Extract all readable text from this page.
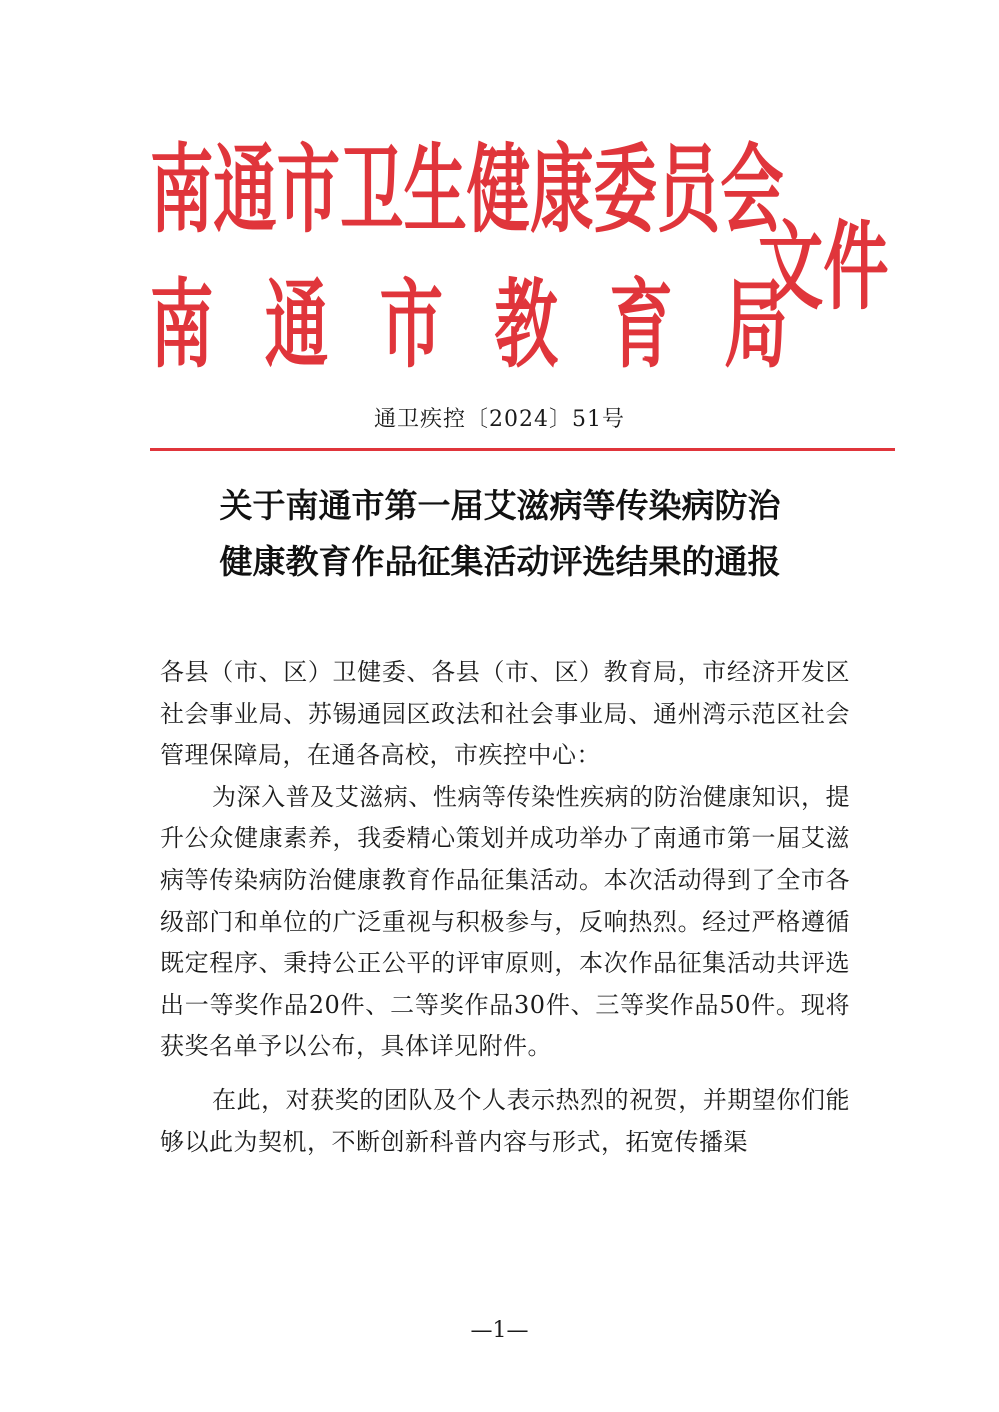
南通市卫生健康委员会
南通市教育局
文件
通卫疾控〔2024〕51号
关于南通市第一届艾滋病等传染病防治
健康教育作品征集活动评选结果的通报

各县（市、区）卫健委、各县（市、区）教育局，市经济开发区社会事业局、苏锡通园区政法和社会事业局、通州湾示范区社会管理保障局，在通各高校，市疾控中心：

为深入普及艾滋病、性病等传染性疾病的防治健康知识，提升公众健康素养，我委精心策划并成功举办了南通市第一届艾滋病等传染病防治健康教育作品征集活动。本次活动得到了全市各级部门和单位的广泛重视与积极参与，反响热烈。经过严格遵循既定程序、秉持公正公平的评审原则，本次作品征集活动共评选出一等奖作品20件、二等奖作品30件、三等奖作品50件。现将获奖名单予以公布，具体详见附件。

在此，对获奖的团队及个人表示热烈的祝贺，并期望你们能够以此为契机，不断创新科普内容与形式，拓宽传播渠

—1—
